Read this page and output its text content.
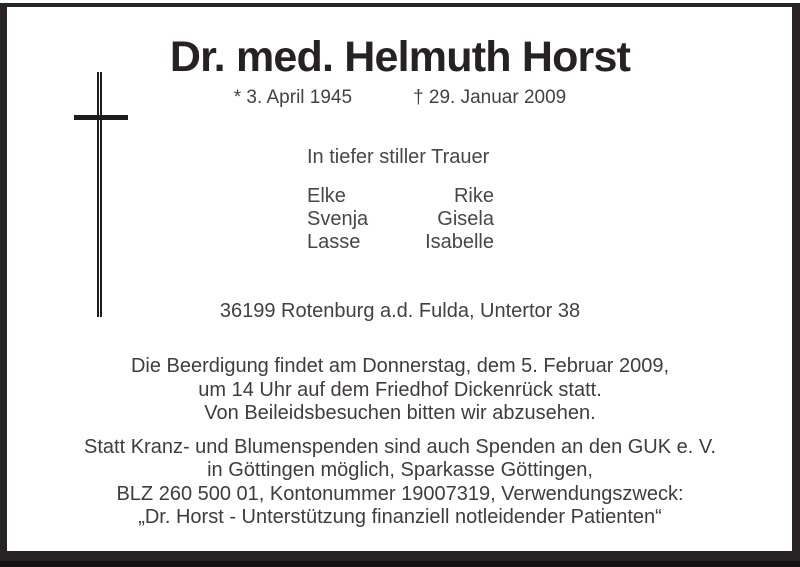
Dr. med. Helmuth Horst
* 3. April 1945	† 29. Januar 2009
In tiefer stiller Trauer
Elke	Rike
Svenja	Gisela
Lasse	Isabelle
36199 Rotenburg a.d. Fulda, Untertor 38
Die Beerdigung findet am Donnerstag, dem 5. Februar 2009,
um 14 Uhr auf dem Friedhof Dickenrück statt.
Von Beileidsbesuchen bitten wir abzusehen.
Statt Kranz- und Blumenspenden sind auch Spenden an den GUK e. V.
in Göttingen möglich, Sparkasse Göttingen,
BLZ 260 500 01, Kontonummer 19007319, Verwendungszweck:
„Dr. Horst - Unterstützung finanziell notleidender Patienten“
